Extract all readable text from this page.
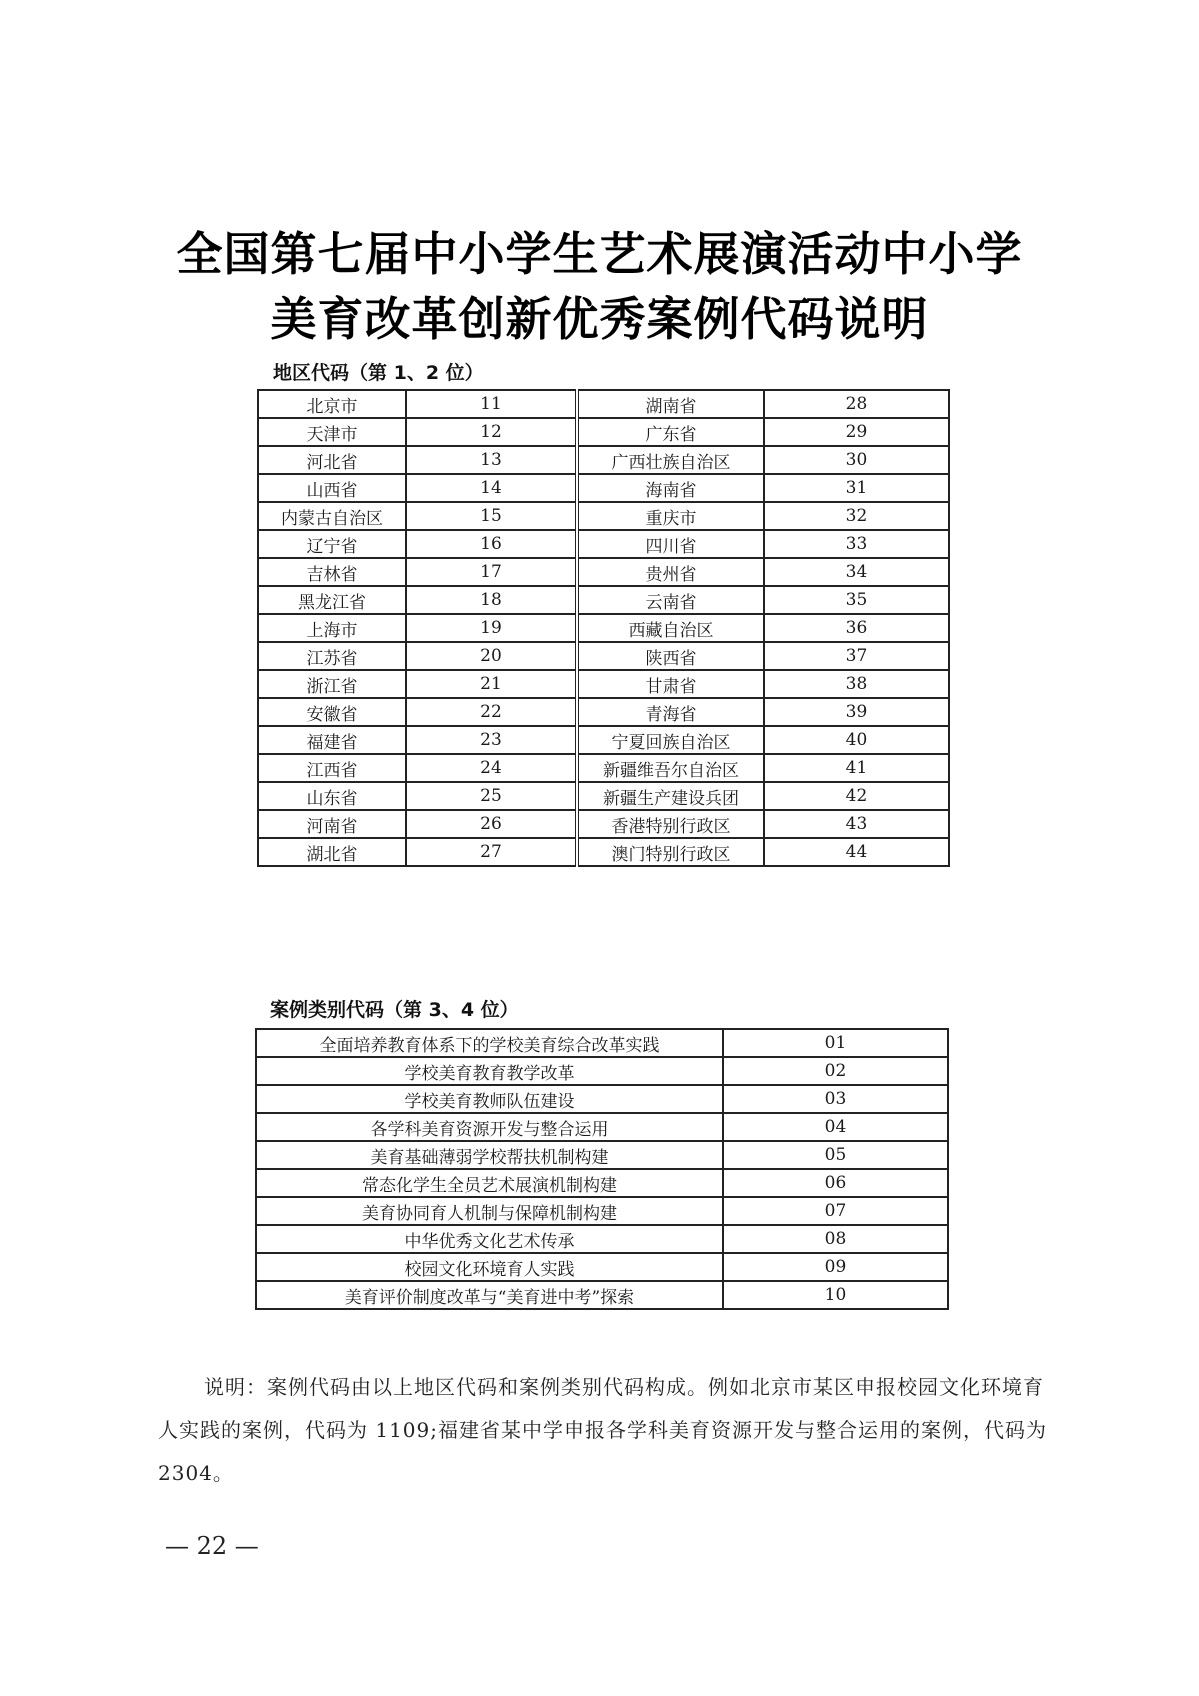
全国第七届中小学生艺术展演活动中小学
美育改革创新优秀案例代码说明

地区代码（第 1、2 位）

北京市	11	湖南省	28
天津市	12	广东省	29
河北省	13	广西壮族自治区	30
山西省	14	海南省	31
内蒙古自治区	15	重庆市	32
辽宁省	16	四川省	33
吉林省	17	贵州省	34
黑龙江省	18	云南省	35
上海市	19	西藏自治区	36
江苏省	20	陕西省	37
浙江省	21	甘肃省	38
安徽省	22	青海省	39
福建省	23	宁夏回族自治区	40
江西省	24	新疆维吾尔自治区	41
山东省	25	新疆生产建设兵团	42
河南省	26	香港特别行政区	43
湖北省	27	澳门特别行政区	44

案例类别代码（第 3、4 位）

全面培养教育体系下的学校美育综合改革实践	01
学校美育教育教学改革	02
学校美育教师队伍建设	03
各学科美育资源开发与整合运用	04
美育基础薄弱学校帮扶机制构建	05
常态化学生全员艺术展演机制构建	06
美育协同育人机制与保障机制构建	07
中华优秀文化艺术传承	08
校园文化环境育人实践	09
美育评价制度改革与“美育进中考”探索	10

说明：案例代码由以上地区代码和案例类别代码构成。例如北京市某区申报校园文化环境育人实践的案例，代码为 1109;福建省某中学申报各学科美育资源开发与整合运用的案例，代码为 2304。

— 22 —
